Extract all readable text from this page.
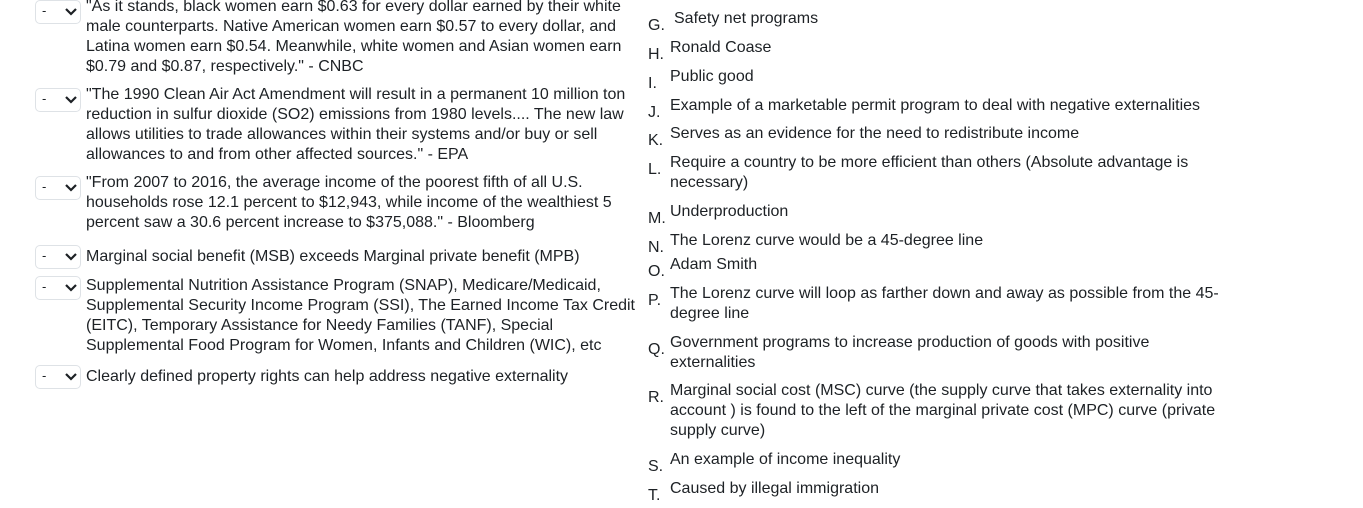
- "As it stands, black women earn $0.63 for every dollar earned by their white male counterparts. Native American women earn $0.57 to every dollar, and Latina women earn $0.54. Meanwhile, white women and Asian women earn $0.79 and $0.87, respectively." - CNBC
- "The 1990 Clean Air Act Amendment will result in a permanent 10 million ton reduction in sulfur dioxide (SO2) emissions from 1980 levels.... The new law allows utilities to trade allowances within their systems and/or buy or sell allowances to and from other affected sources." - EPA
- "From 2007 to 2016, the average income of the poorest fifth of all U.S. households rose 12.1 percent to $12,943, while income of the wealthiest 5 percent saw a 30.6 percent increase to $375,088." - Bloomberg
- Marginal social benefit (MSB) exceeds Marginal private benefit (MPB)
- Supplemental Nutrition Assistance Program (SNAP), Medicare/Medicaid, Supplemental Security Income Program (SSI), The Earned Income Tax Credit (EITC), Temporary Assistance for Needy Families (TANF), Special Supplemental Food Program for Women, Infants and Children (WIC), etc
- Clearly defined property rights can help address negative externality
G. Safety net programs
H. Ronald Coase
I. Public good
J. Example of a marketable permit program to deal with negative externalities
K. Serves as an evidence for the need to redistribute income
L. Require a country to be more efficient than others (Absolute advantage is necessary)
M. Underproduction
N. The Lorenz curve would be a 45-degree line
O. Adam Smith
P. The Lorenz curve will loop as farther down and away as possible from the 45-degree line
Q. Government programs to increase production of goods with positive externalities
R. Marginal social cost (MSC) curve (the supply curve that takes externality into account ) is found to the left of the marginal private cost (MPC) curve (private supply curve)
S. An example of income inequality
T. Caused by illegal immigration
